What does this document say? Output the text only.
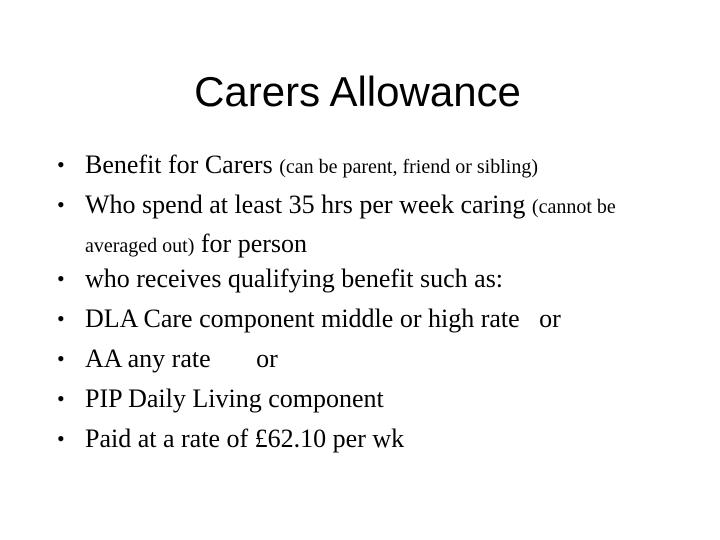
Carers Allowance
• Benefit for Carers (can be parent, friend or sibling)
• Who spend at least 35 hrs per week caring (cannot be
averaged out) for person
• who receives qualifying benefit such as:
• DLA Care component middle or high rate   or
• AA any rate       or
• PIP Daily Living component
• Paid at a rate of £62.10 per wk
